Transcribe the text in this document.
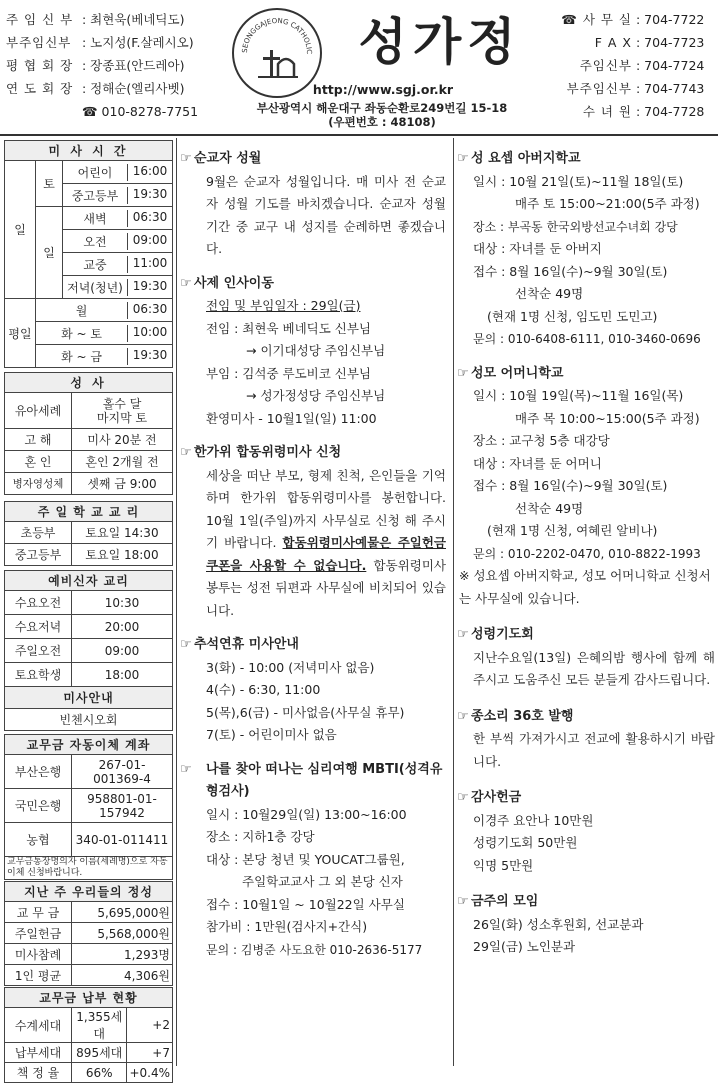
주 임 신 부 : 최현욱(베네딕도)
부주임신부 : 노지성(F.살레시오)
평 협 회 장 : 장종표(안드레아)
연 도 회 장 : 정해순(엘리사벳)
☎ 010-8278-7751
SEONGGAJEONG CATHOLIC 성가정
http://www.sgj.or.kr
부산광역시 해운대구 좌동순환로249번길 15-18
(우편번호 : 48108)
☎ 사 무 실 : 704-7722
F A X : 704-7723
주임신부 : 704-7724
부주임신부 : 704-7743
수 녀 원 : 704-7728
미 사 시 간		
일	토	어린이 16:00

		중고등부 19:30

	일	새벽 06:30

		오전 09:00

		교중 11:00

		저녁(청년) 19:30

평일	월 06:30	

	화 ~ 토 10:00	

	화 ~ 금 19:30	
성 사	
유아세례	홀수 달
마지막 토
고 해	미사 20분 전
혼 인	혼인 2개월 전
병자영성체	셋째 금 9:00
주 일 학 교 교 리	
초등부	토요일 14:30
중고등부	토요일 18:00
예비신자 교리	
수요오전	10:30
수요저녁	20:00
주일오전	09:00
토요학생	18:00
미사안내
빈첸시오회
교무금 자동이체 계좌	
부산은행	267-01-
001369-4
국민은행	958801-01-
157942
농협	340-01-011411
교무금통장명의자 이름(세례명)으로 자동이체 신청바랍니다.	
지난 주 우리들의 정성	
교 무 금	5,695,000원
주일헌금	5,568,000원
미사참례	1,293명
1인 평균	4,306원
교무금 납부 현황		
수계세대	1,355세대	+2
납부세대	895세대	+7
책 정 율	66%	+0.4%
☞ 순교자 성월
9월은 순교자 성월입니다. 매 미사 전 순교자 성월 기도를 바치겠습니다. 순교자 성월 기간 중 교구 내 성지를 순례하면 좋겠습니다.
☞ 사제 인사이동
전임 및 부임일자 : 29일(금)
전임 : 최현욱 베네딕도 신부님
→ 이기대성당 주임신부님
부임 : 김석중 루도비코 신부님
→ 성가정성당 주임신부님
환영미사 - 10월1일(일) 11:00
☞ 한가위 합동위령미사 신청
세상을 떠난 부모, 형제 친척, 은인들을 기억하며 한가위 합동위령미사를 봉헌합니다. 10월 1일(주일)까지 사무실로 신청 해 주시기 바랍니다. 합동위령미사예물은 주일헌금 쿠폰을 사용할 수 없습니다. 합동위령미사 봉투는 성전 뒤편과 사무실에 비치되어 있습니다.
☞ 추석연휴 미사안내
3(화) - 10:00 (저녁미사 없음)
4(수) - 6:30, 11:00
5(목),6(금) - 미사없음(사무실 휴무)
7(토) - 어린이미사 없음
☞	나를 찾아 떠나는 심리여행 MBTI(성격유형검사)
일시 : 10월29일(일) 13:00~16:00
장소 : 지하1층 강당
대상 : 본당 청년 및 YOUCAT그룹원,
주일학교교사 그 외 본당 신자
접수 : 10월1일 ~ 10월22일 사무실
참가비 : 1만원(검사지+간식)
문의 : 김병준 사도요한 010-2636-5177
☞ 성 요셉 아버지학교
일시 : 10월 21일(토)~11월 18일(토)
매주 토 15:00~21:00(5주 과정)
장소 : 부곡동 한국외방선교수녀회 강당
대상 : 자녀를 둔 아버지
접수 : 8월 16일(수)~9월 30일(토)
선착순 49명
(현재 1명 신청, 임도민 도민고)
문의 : 010-6408-6111, 010-3460-0696
☞ 성모 어머니학교
일시 : 10월 19일(목)~11월 16일(목)
매주 목 10:00~15:00(5주 과정)
장소 : 교구청 5층 대강당
대상 : 자녀를 둔 어머니
접수 : 8월 16일(수)~9월 30일(토)
선착순 49명
(현재 1명 신청, 여혜린 알비나)
문의 : 010-2202-0470, 010-8822-1993
※ 성요셉 아버지학교, 성모 어머니학교 신청서는 사무실에 있습니다.
☞ 성령기도회
지난수요일(13일) 은혜의밤 행사에 함께 해 주시고 도움주신 모든 분들게 감사드립니다.
☞ 종소리 36호 발행
한 부씩 가져가시고 전교에 활용하시기 바랍니다.
☞ 감사헌금
이경주 요안나 10만원
성령기도회 50만원
익명 5만원
☞ 금주의 모임
26일(화) 성소후원회, 선교분과
29일(금) 노인분과
